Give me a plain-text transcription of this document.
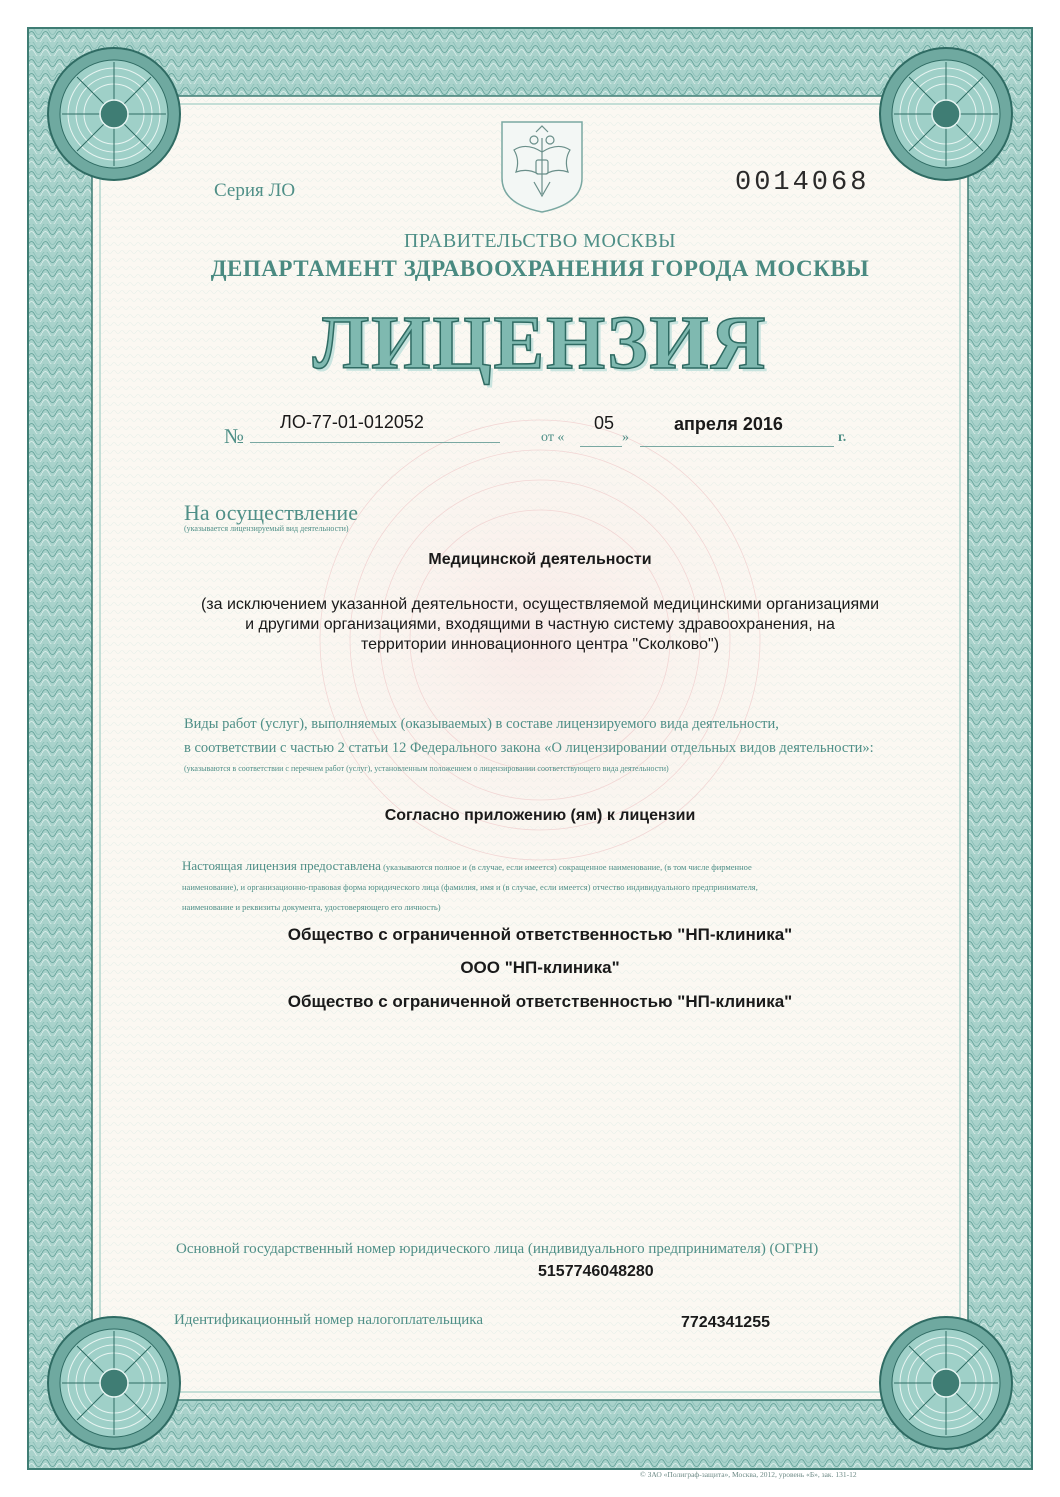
Серия ЛО	0014068
ПРАВИТЕЛЬСТВО МОСКВЫ
ДЕПАРТАМЕНТ ЗДРАВООХРАНЕНИЯ ГОРОДА МОСКВЫ
ЛИЦЕНЗИЯ
№
ЛО-77-01-012052
от «
05
»
апреля 2016
г.
На осуществление
(указывается лицензируемый вид деятельности)
Медицинской деятельности
(за исключением указанной деятельности, осуществляемой медицинскими организациями
и другими организациями, входящими в частную систему здравоохранения, на
территории инновационного центра "Сколково")
Виды работ (услуг), выполняемых (оказываемых) в составе лицензируемого вида деятельности,
в соответствии с частью 2 статьи 12 Федерального закона «О лицензировании отдельных видов деятельности»:
(указываются в соответствии с перечнем работ (услуг), установленным положением о лицензировании соответствующего вида деятельности)
Согласно приложению (ям) к лицензии
Настоящая лицензия предоставлена (указываются полное и (в случае, если имеется) сокращенное наименование, (в том числе фирменное
наименование), и организационно-правовая форма юридического лица (фамилия, имя и (в случае, если имеется) отчество индивидуального предпринимателя,
наименование и реквизиты документа, удостоверяющего его личность)
Общество с ограниченной ответственностью "НП-клиника"
ООО "НП-клиника"
Общество с ограниченной ответственностью "НП-клиника"
Основной государственный номер юридического лица (индивидуального предпринимателя) (ОГРН)
5157746048280
Идентификационный номер налогоплательщика	7724341255
© ЗАО «Полиграф-защита», Москва, 2012, уровень «Б», зак. 131-12
